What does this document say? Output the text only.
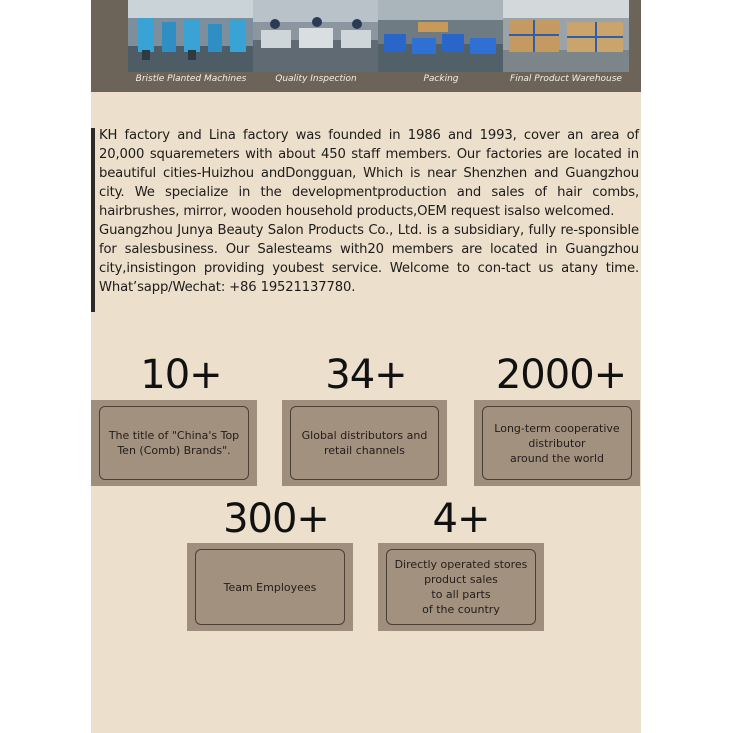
Bristle Planted Machines	Quality Inspection	Packing	Final Product Warehouse

KH factory and Lina factory was founded in 1986 and 1993, cover an area of 20,000 squaremeters with about 450 staff members. Our factories are located in beautiful cities-Huizhou andDongguan, Which is near Shenzhen and Guangzhou city. We specialize in the developmentproduction and sales of hair combs, hairbrushes, mirror, wooden household products,OEM request isalso welcomed.

Guangzhou Junya Beauty Salon Products Co., Ltd. is a subsidiary, fully re-sponsible for salesbusiness. Our Salesteams with20 members are located in Guangzhou city,insistingon providing youbest service. Welcome to con-tact us atany time. What’sapp/Wechat: +86 19521137780.

10+
The title of "China's Top
Ten (Comb) Brands".
34+
Global distributors and
retail channels
2000+
Long-term cooperative
distributor
around the world
300+
Team Employees
4+
Directly operated stores
product sales
to all parts
of the country
